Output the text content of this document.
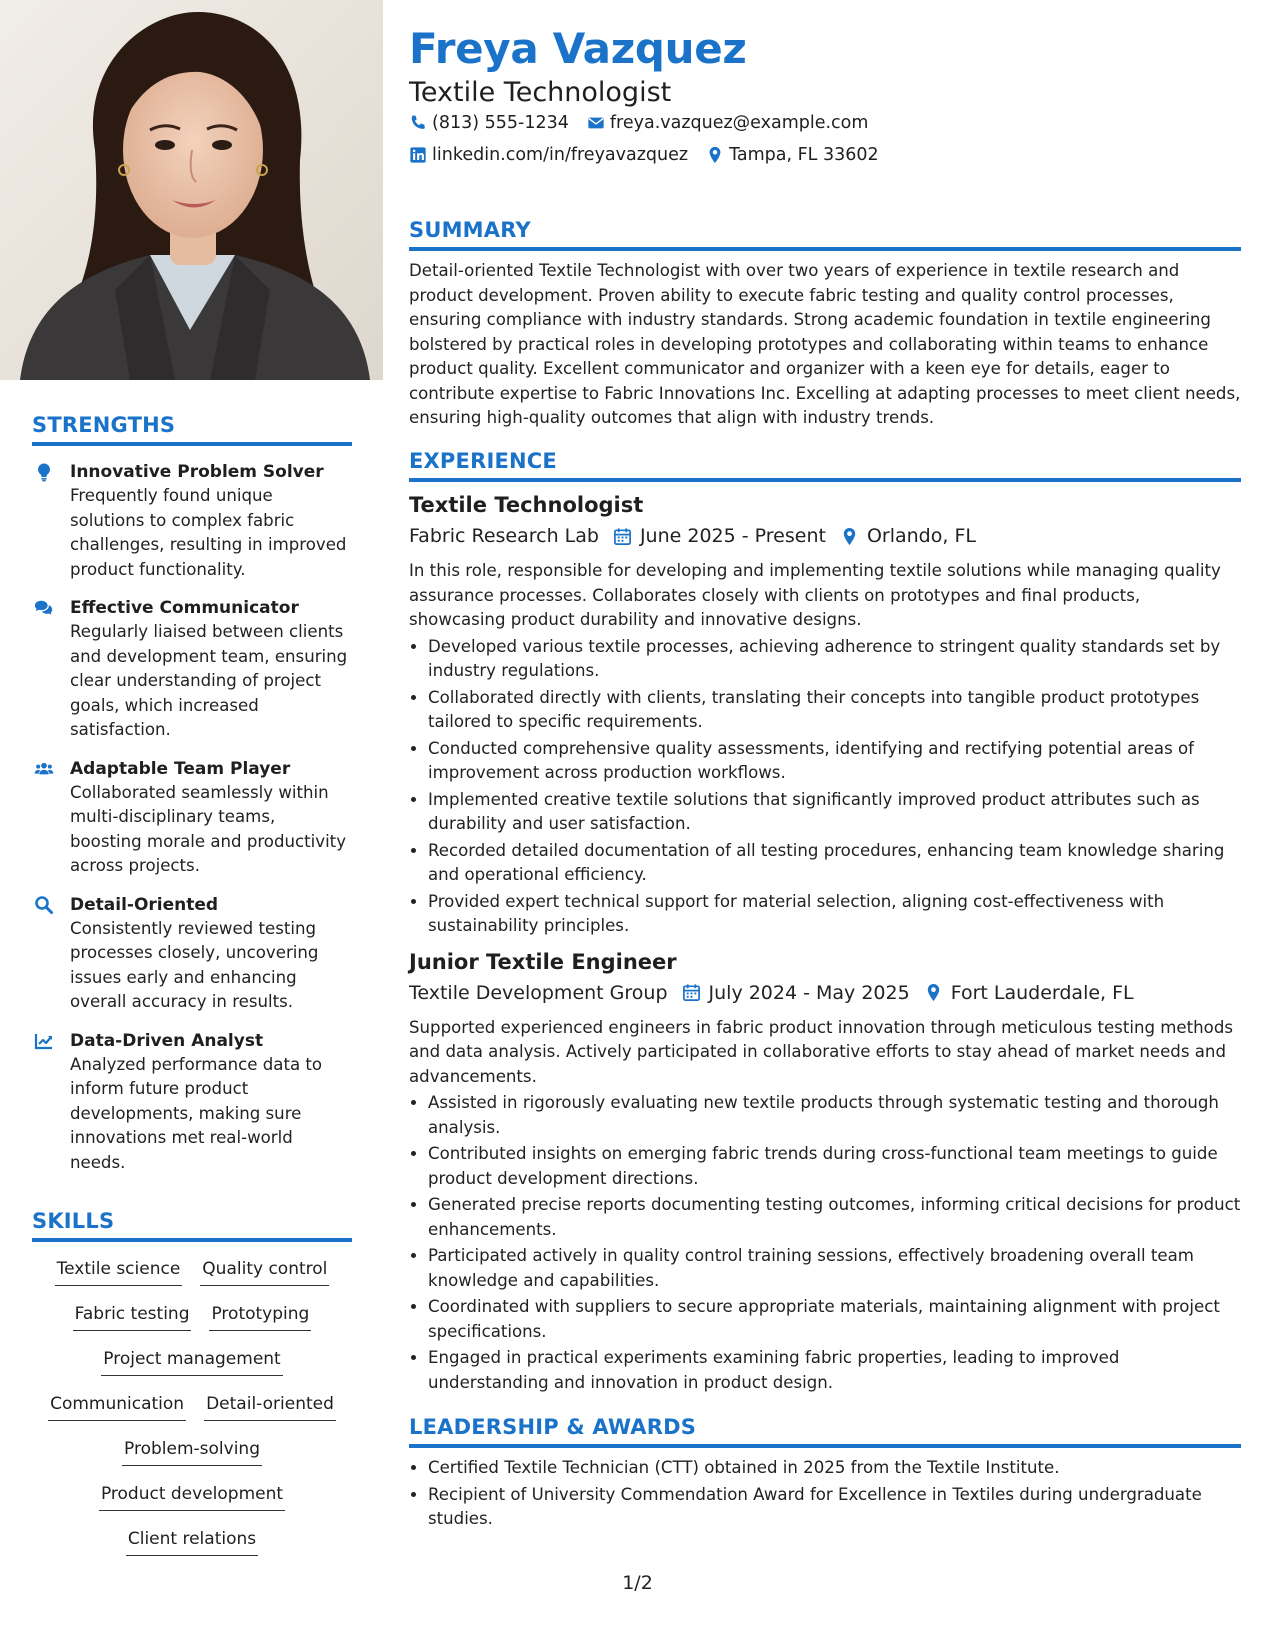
STRENGTHS
Innovative Problem Solver
Frequently found unique solutions to complex fabric challenges, resulting in improved product functionality.
Effective Communicator
Regularly liaised between clients and development team, ensuring clear understanding of project goals, which increased satisfaction.
Adaptable Team Player
Collaborated seamlessly within multi-disciplinary teams, boosting morale and productivity across projects.
Detail-Oriented
Consistently reviewed testing processes closely, uncovering issues early and enhancing overall accuracy in results.
Data-Driven Analyst
Analyzed performance data to inform future product developments, making sure innovations met real-world needs.
SKILLS
Textile science Quality control
Fabric testing Prototyping
Project management
Communication Detail-oriented
Problem-solving
Product development
Client relations
Freya Vazquez
Textile Technologist
(813) 555-1234 freya.vazquez@example.com
linkedin.com/in/freyavazquez Tampa, FL 33602
SUMMARY
Detail-oriented Textile Technologist with over two years of experience in textile research and product development. Proven ability to execute fabric testing and quality control processes, ensuring compliance with industry standards. Strong academic foundation in textile engineering bolstered by practical roles in developing prototypes and collaborating within teams to enhance product quality. Excellent communicator and organizer with a keen eye for details, eager to contribute expertise to Fabric Innovations Inc. Excelling at adapting processes to meet client needs, ensuring high-quality outcomes that align with industry trends.
EXPERIENCE
Textile Technologist
Fabric Research Lab June 2025 - Present Orlando, FL
In this role, responsible for developing and implementing textile solutions while managing quality assurance processes. Collaborates closely with clients on prototypes and final products, showcasing product durability and innovative designs.
• Developed various textile processes, achieving adherence to stringent quality standards set by industry regulations.
• Collaborated directly with clients, translating their concepts into tangible product prototypes tailored to specific requirements.
• Conducted comprehensive quality assessments, identifying and rectifying potential areas of improvement across production workflows.
• Implemented creative textile solutions that significantly improved product attributes such as durability and user satisfaction.
• Recorded detailed documentation of all testing procedures, enhancing team knowledge sharing and operational efficiency.
• Provided expert technical support for material selection, aligning cost-effectiveness with sustainability principles.
Junior Textile Engineer
Textile Development Group July 2024 - May 2025 Fort Lauderdale, FL
Supported experienced engineers in fabric product innovation through meticulous testing methods and data analysis. Actively participated in collaborative efforts to stay ahead of market needs and advancements.
• Assisted in rigorously evaluating new textile products through systematic testing and thorough analysis.
• Contributed insights on emerging fabric trends during cross-functional team meetings to guide product development directions.
• Generated precise reports documenting testing outcomes, informing critical decisions for product enhancements.
• Participated actively in quality control training sessions, effectively broadening overall team knowledge and capabilities.
• Coordinated with suppliers to secure appropriate materials, maintaining alignment with project specifications.
• Engaged in practical experiments examining fabric properties, leading to improved understanding and innovation in product design.
LEADERSHIP & AWARDS
• Certified Textile Technician (CTT) obtained in 2025 from the Textile Institute.
• Recipient of University Commendation Award for Excellence in Textiles during undergraduate studies.
1/2
